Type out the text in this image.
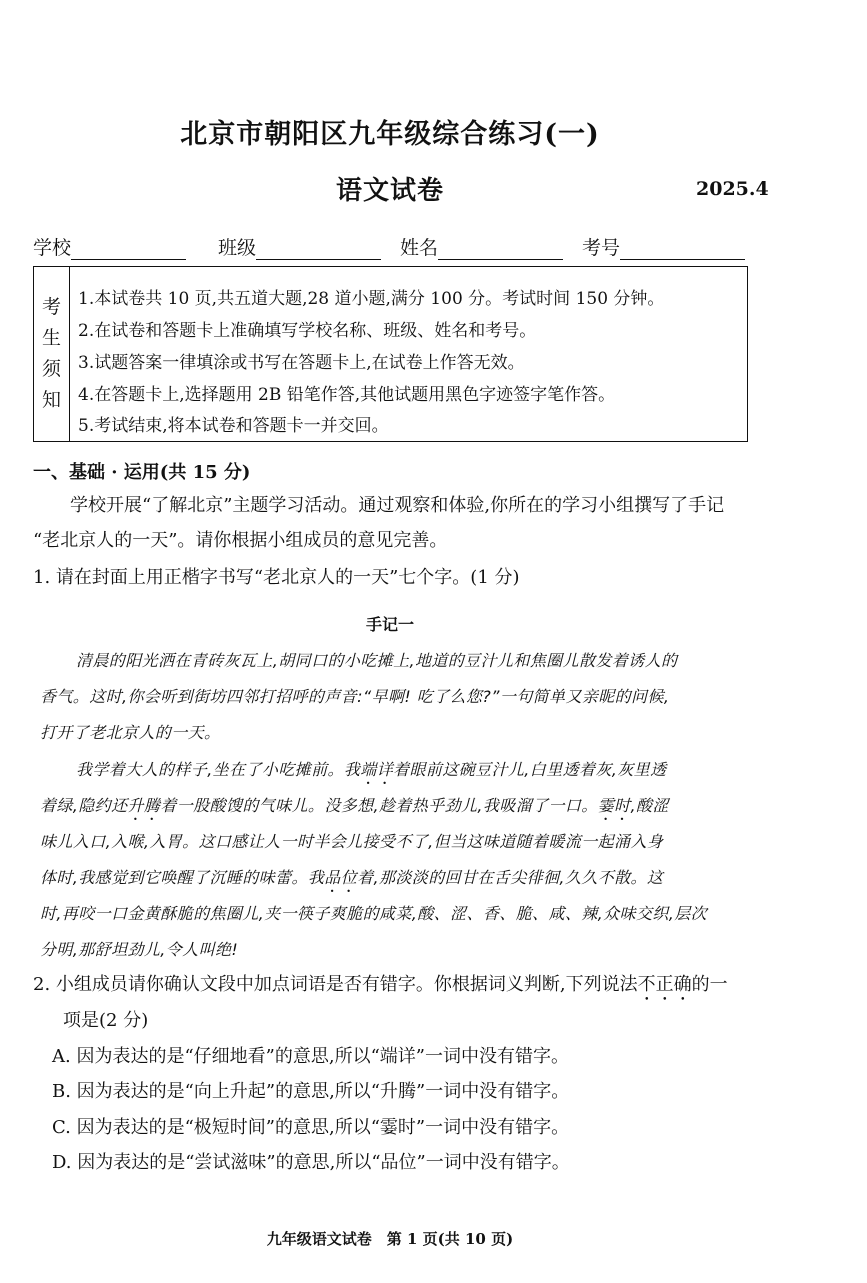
北京市朝阳区九年级综合练习(一)
语文试卷	2025.4
学校	班级	姓名	考号
考生须知
1.本试卷共 10 页,共五道大题,28 道小题,满分 100 分。考试时间 150 分钟。
2.在试卷和答题卡上准确填写学校名称、班级、姓名和考号。
3.试题答案一律填涂或书写在答题卡上,在试卷上作答无效。
4.在答题卡上,选择题用 2B 铅笔作答,其他试题用黑色字迹签字笔作答。
5.考试结束,将本试卷和答题卡一并交回。
一、基础 · 运用(共 15 分)
学校开展“了解北京”主题学习活动。通过观察和体验,你所在的学习小组撰写了手记
“老北京人的一天”。请你根据小组成员的意见完善。
1. 请在封面上用正楷字书写“老北京人的一天”七个字。(1 分)
手记一
清晨的阳光洒在青砖灰瓦上,胡同口的小吃摊上,地道的豆汁儿和焦圈儿散发着诱人的
香气。这时,你会听到街坊四邻打招呼的声音:“早啊! 吃了么您?”一句简单又亲昵的问候,
打开了老北京人的一天。
我学着大人的样子,坐在了小吃摊前。我端详着眼前这碗豆汁儿,白里透着灰,灰里透
着绿,隐约还升腾着一股酸馊的气味儿。没多想,趁着热乎劲儿,我吸溜了一口。霎时,酸涩
味儿入口,入喉,入胃。这口感让人一时半会儿接受不了,但当这味道随着暖流一起涌入身
体时,我感觉到它唤醒了沉睡的味蕾。我品位着,那淡淡的回甘在舌尖徘徊,久久不散。这
时,再咬一口金黄酥脆的焦圈儿,夹一筷子爽脆的咸菜,酸、涩、香、脆、咸、辣,众味交织,层次
分明,那舒坦劲儿,令人叫绝!
2. 小组成员请你确认文段中加点词语是否有错字。你根据词义判断,下列说法不正确的一
项是(2 分)
A. 因为表达的是“仔细地看”的意思,所以“端详”一词中没有错字。
B. 因为表达的是“向上升起”的意思,所以“升腾”一词中没有错字。
C. 因为表达的是“极短时间”的意思,所以“霎时”一词中没有错字。
D. 因为表达的是“尝试滋味”的意思,所以“品位”一词中没有错字。
九年级语文试卷　第 1 页(共 10 页)
